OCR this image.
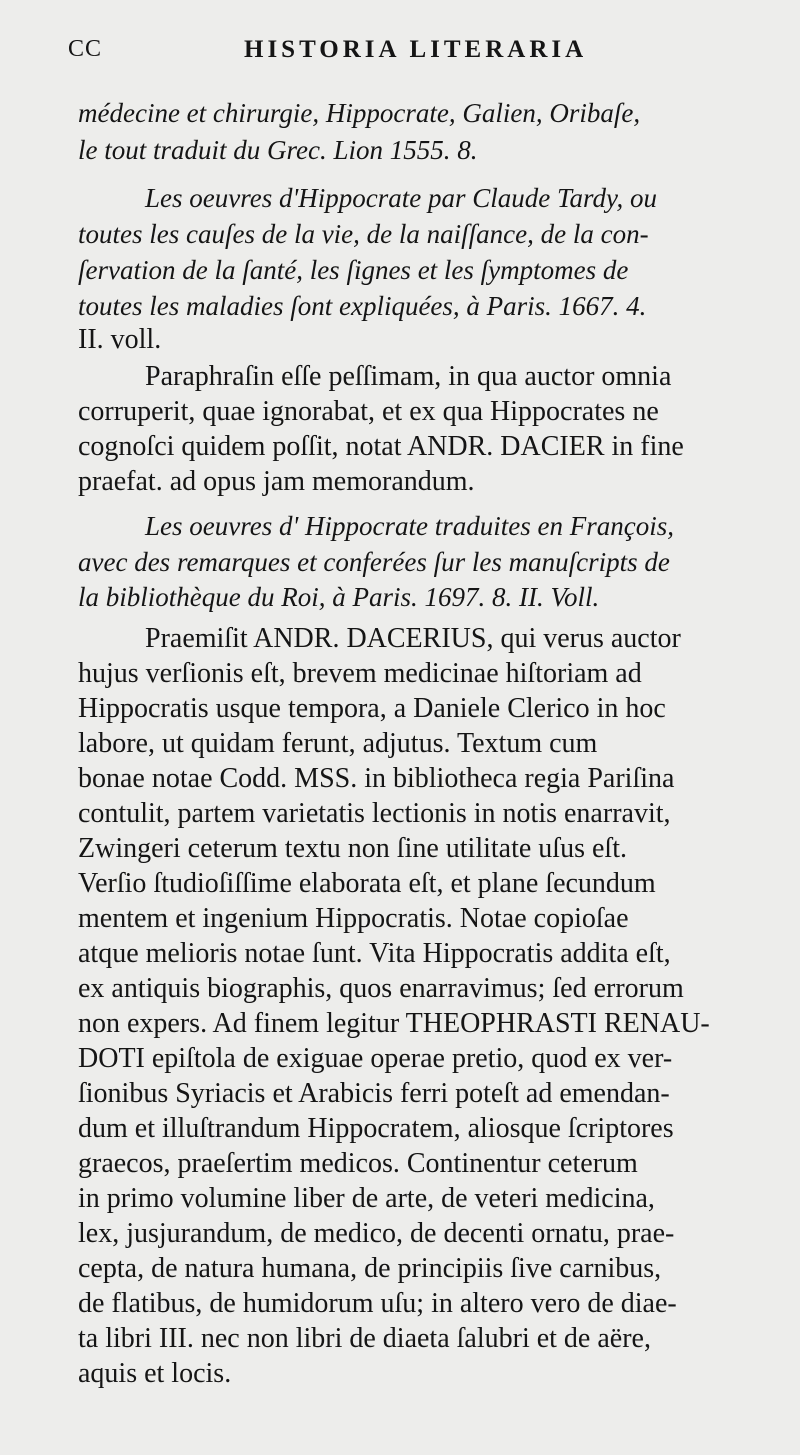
CC	HISTORIA LITERARIA
médecine et chirurgie, Hippocrate, Galien, Oribaſe,
le tout traduit du Grec. Lion 1555. 8.
Les oeuvres d'Hippocrate par Claude Tardy, ou
toutes les cauſes de la vie, de la naiſſance, de la con-
ſervation de la ſanté, les ſignes et les ſymptomes de
toutes les maladies ſont expliquées, à Paris. 1667. 4.
II. voll.
Paraphraſin eſſe peſſimam, in qua auctor omnia
corruperit, quae ignorabat, et ex qua Hippocrates ne
cognoſci quidem poſſit, notat ANDR. DACIER in fine
praefat. ad opus jam memorandum.
Les oeuvres d' Hippocrate traduites en François,
avec des remarques et conferées ſur les manuſcripts de
la bibliothèque du Roi, à Paris. 1697. 8. II. Voll.
Praemiſit ANDR. DACERIUS, qui verus auctor
hujus verſionis eſt, brevem medicinae hiſtoriam ad
Hippocratis usque tempora, a Daniele Clerico in hoc
labore, ut quidam ferunt, adjutus. Textum cum
bonae notae Codd. MSS. in bibliotheca regia Pariſina
contulit, partem varietatis lectionis in notis enarravit,
Zwingeri ceterum textu non ſine utilitate uſus eſt.
Verſio ſtudioſiſſime elaborata eſt, et plane ſecundum
mentem et ingenium Hippocratis. Notae copioſae
atque melioris notae ſunt. Vita Hippocratis addita eſt,
ex antiquis biographis, quos enarravimus; ſed errorum
non expers. Ad finem legitur THEOPHRASTI RENAU-
DOTI epiſtola de exiguae operae pretio, quod ex ver-
ſionibus Syriacis et Arabicis ferri poteſt ad emendan-
dum et illuſtrandum Hippocratem, aliosque ſcriptores
graecos, praeſertim medicos. Continentur ceterum
in primo volumine liber de arte, de veteri medicina,
lex, jusjurandum, de medico, de decenti ornatu, prae-
cepta, de natura humana, de principiis ſive carnibus,
de flatibus, de humidorum uſu; in altero vero de diae-
ta libri III. nec non libri de diaeta ſalubri et de aëre,
aquis et locis.
